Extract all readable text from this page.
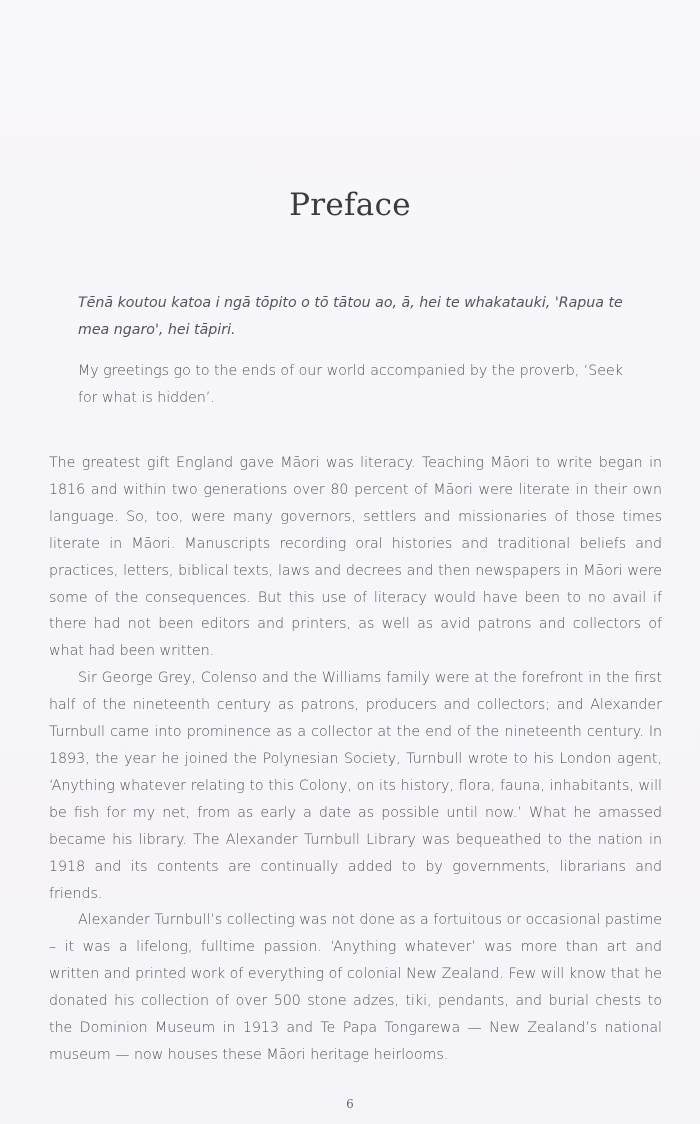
Preface
Tēnā koutou katoa i ngā tōpito o tō tātou ao, ā, hei te whakatauki, 'Rapua te mea ngaro', hei tāpiri.
My greetings go to the ends of our world accompanied by the proverb, ‘Seek for what is hidden’.

The greatest gift England gave Māori was literacy. Teaching Māori to write began in 1816 and within two generations over 80 percent of Māori were literate in their own language. So, too, were many governors, settlers and missionaries of those times literate in Māori. Manuscripts recording oral histories and traditional beliefs and practices, letters, biblical texts, laws and decrees and then newspapers in Māori were some of the consequences. But this use of literacy would have been to no avail if there had not been editors and printers, as well as avid patrons and collectors of what had been written.

Sir George Grey, Colenso and the Williams family were at the forefront in the first half of the nineteenth century as patrons, producers and collectors; and Alexander Turnbull came into prominence as a collector at the end of the nineteenth century. In 1893, the year he joined the Polynesian Society, Turnbull wrote to his London agent, ‘Anything whatever relating to this Colony, on its history, flora, fauna, inhabitants, will be fish for my net, from as early a date as possible until now.’ What he amassed became his library. The Alexander Turnbull Library was bequeathed to the nation in 1918 and its contents are continually added to by governments, librarians and friends.

Alexander Turnbull’s collecting was not done as a fortuitous or occasional pastime – it was a lifelong, fulltime passion. ‘Anything whatever’ was more than art and written and printed work of everything of colonial New Zealand. Few will know that he donated his collection of over 500 stone adzes, tiki, pendants, and burial chests to the Dominion Museum in 1913 and Te Papa Tongarewa — New Zealand’s national museum — now houses these Māori heritage heirlooms.

6
